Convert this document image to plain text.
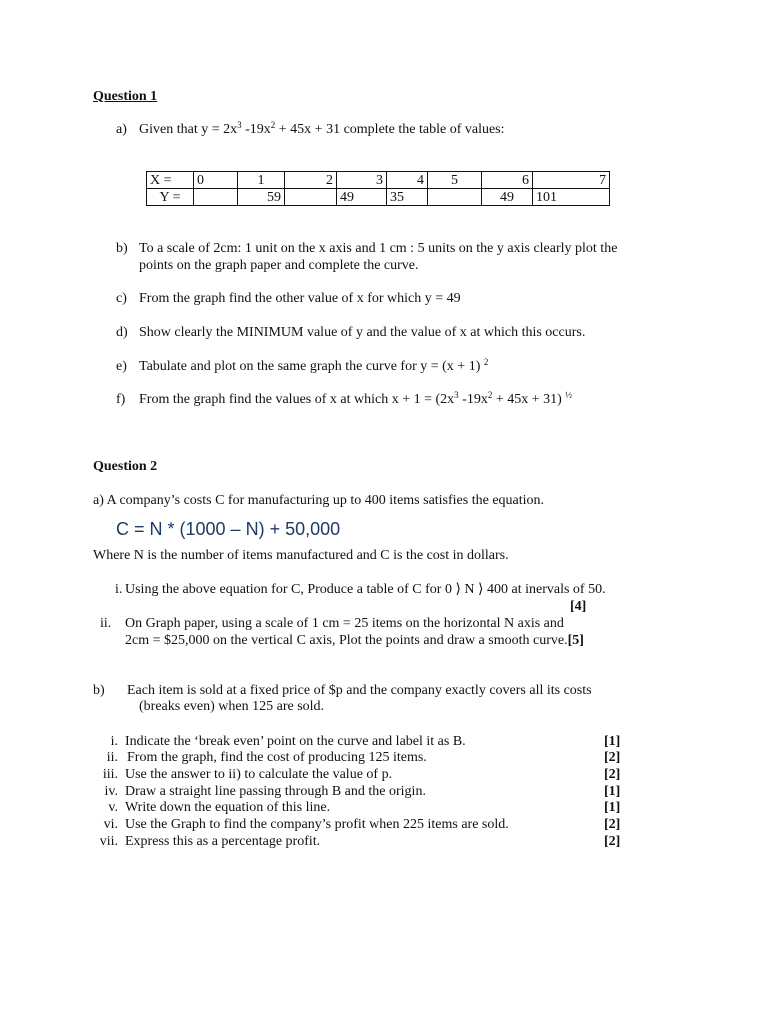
Question 1
a) Given that $y = 2x^3$ $-19x^2 + 45x + 31$ complete the table of values:
X =	0	1	2	3	4	5	6	7
Y =		59		49	35		49	101
b) To a scale of 2cm: 1 unit on the x axis and 1 cm : 5 units on the y axis clearly plot the
points on the graph paper and complete the curve.
c) From the graph find the other value of x for which y = 49
d) Show clearly the MINIMUM value of y and the value of x at which this occurs.
e) Tabulate and plot on the same graph the curve for y = (x + 1) $^2$
f) From the graph find the values of x at which $x + 1 = (2x^3$ $-19x^2 + 45x + 31$) $^{\frac{1}{2}}$
Question 2
a) A company’s costs C for manufacturing up to 400 items satisfies the equation.
C = N * (1000 – N) + 50,000
Where N is the number of items manufactured and C is the cost in dollars.
i. Using the above equation for C, Produce a table of C for 0 ⟩ N ⟩ 400 at inervals of 50.
[4]
ii. On Graph paper, using a scale of 1 cm = 25 items on the horizontal N axis and
2cm = $25,000 on the vertical C axis, Plot the points and draw a smooth curve.[5]
b) Each item is sold at a fixed price of $p and the company exactly covers all its costs
(breaks even) when 125 are sold.
i. Indicate the ‘break even’ point on the curve and label it as B.	[1]
ii. From the graph, find the cost of producing 125 items.	[2]
iii. Use the answer to ii) to calculate the value of p.	[2]
iv. Draw a straight line passing through B and the origin.	[1]
v. Write down the equation of this line.	[1]
vi. Use the Graph to find the company’s profit when 225 items are sold.	[2]
vii. Express this as a percentage profit.	[2]
